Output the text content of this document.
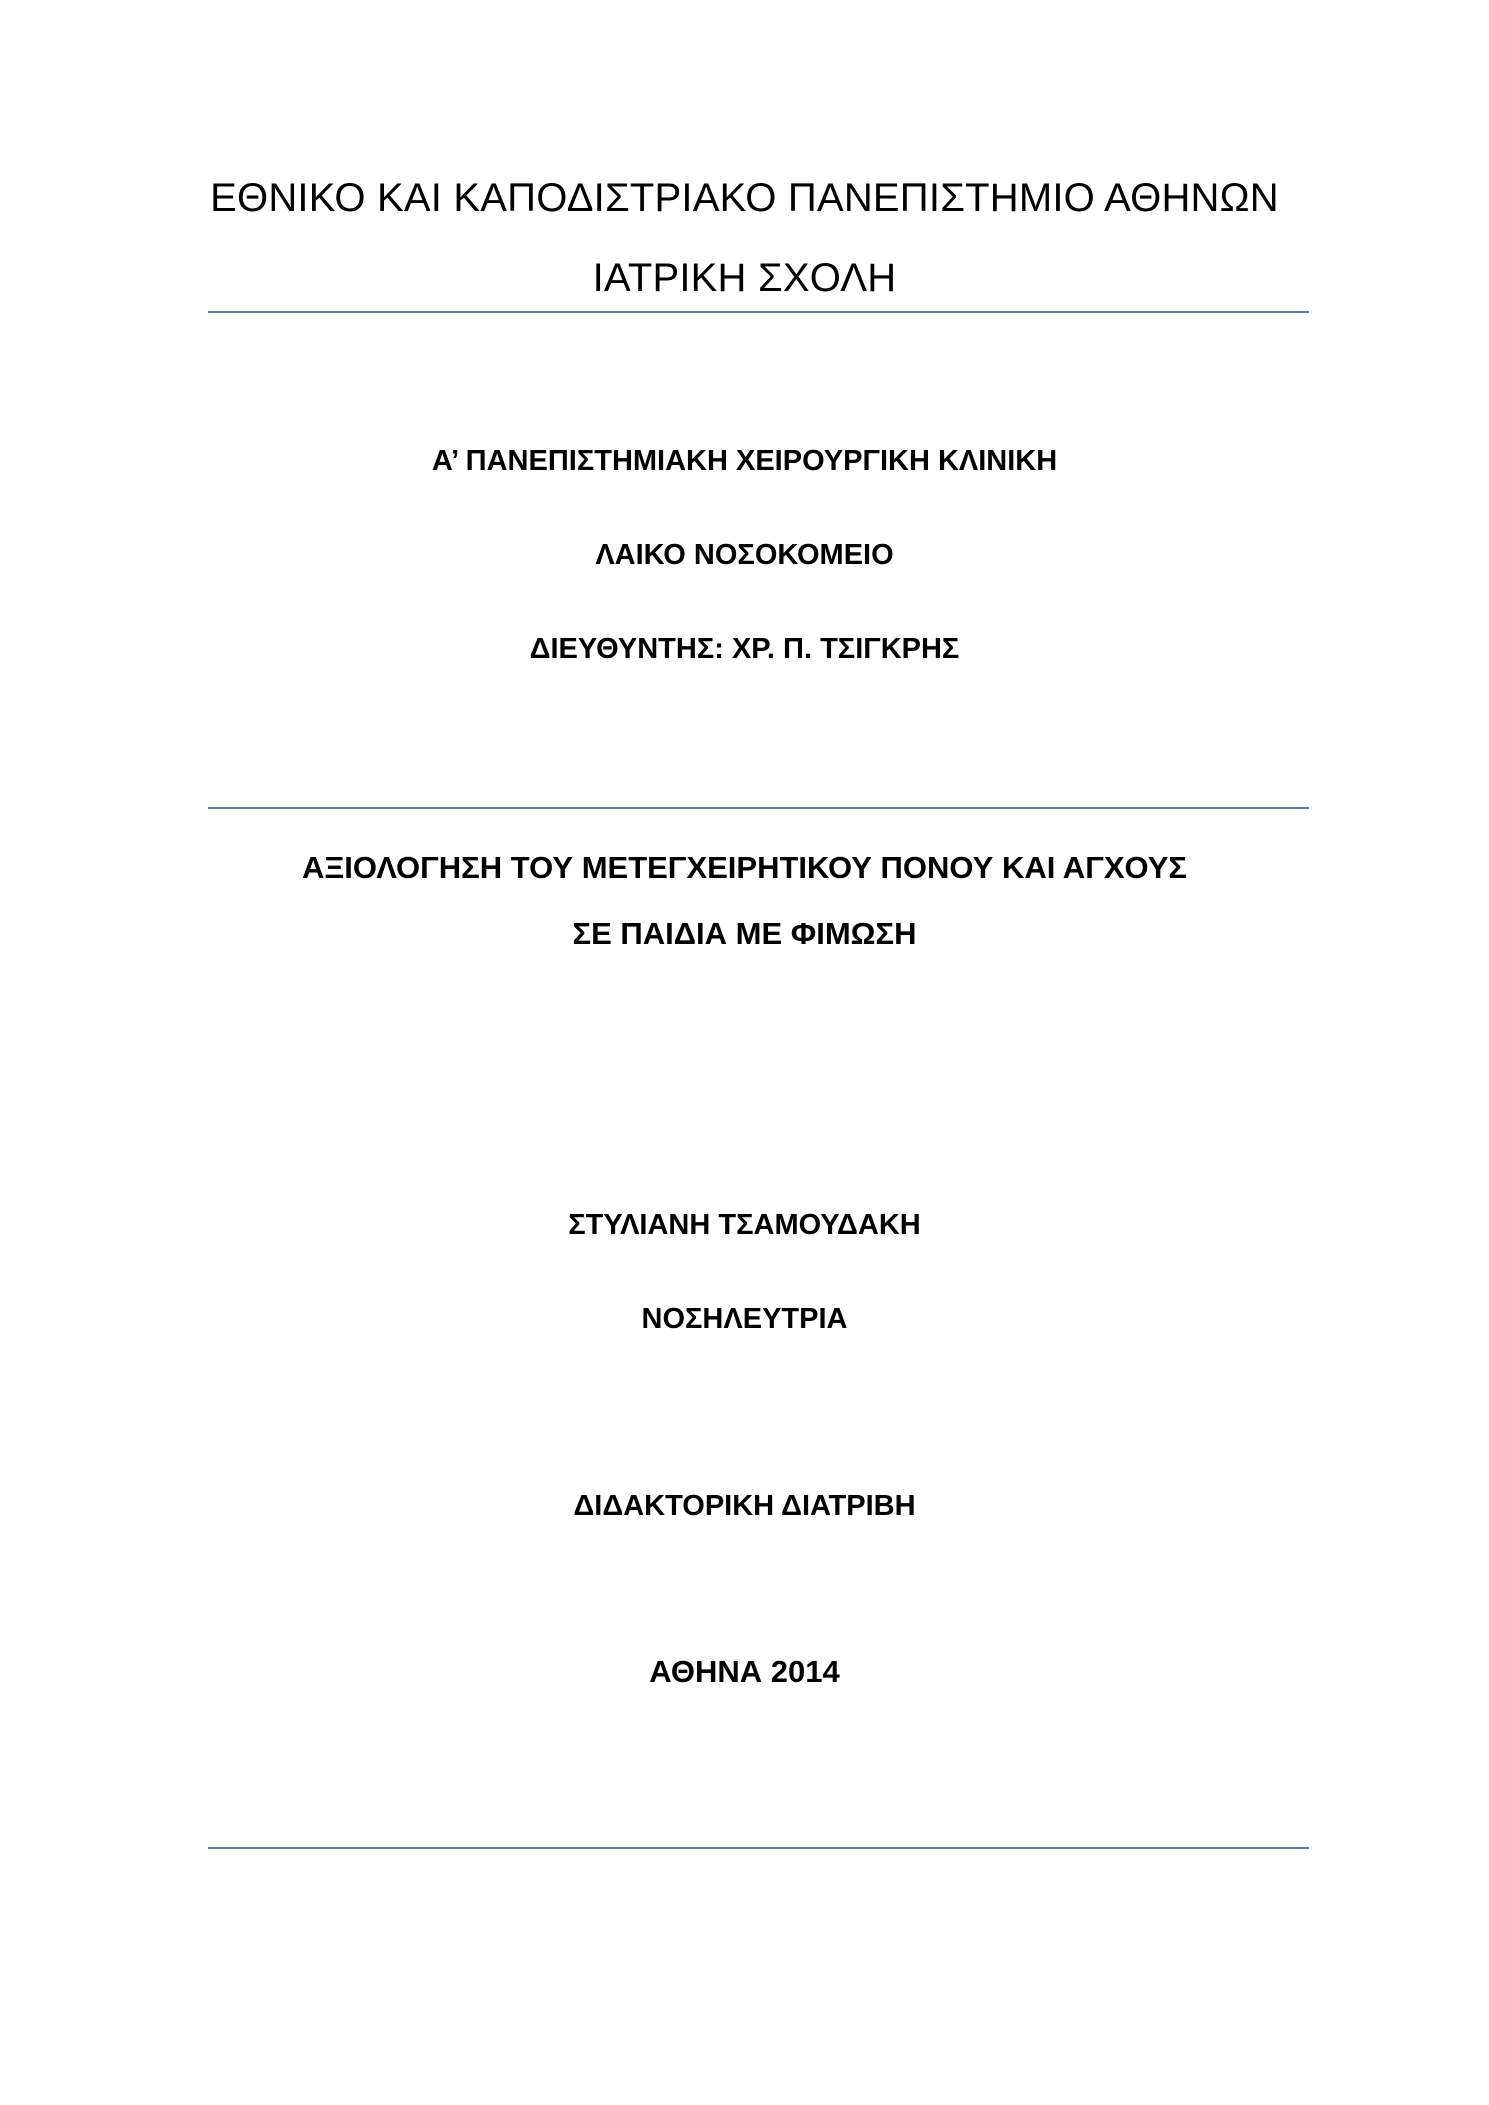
ΕΘΝΙΚΟ ΚΑΙ ΚΑΠΟΔΙΣΤΡΙΑΚΟ ΠΑΝΕΠΙΣΤΗΜΙΟ ΑΘΗΝΩΝ
ΙΑΤΡΙΚΗ ΣΧΟΛΗ
Α’ ΠΑΝΕΠΙΣΤΗΜΙΑΚΗ ΧΕΙΡΟΥΡΓΙΚΗ ΚΛΙΝΙΚΗ
ΛΑΙΚΟ ΝΟΣΟΚΟΜΕΙΟ
ΔΙΕΥΘΥΝΤΗΣ: ΧΡ. Π. ΤΣΙΓΚΡΗΣ
ΑΞΙΟΛΟΓΗΣΗ ΤΟΥ ΜΕΤΕΓΧΕΙΡΗΤΙΚΟΥ ΠΟΝΟΥ ΚΑΙ ΑΓΧΟΥΣ
ΣΕ ΠΑΙΔΙΑ ΜΕ ΦΙΜΩΣΗ
ΣΤΥΛΙΑΝΗ ΤΣΑΜΟΥΔΑΚΗ
ΝΟΣΗΛΕΥΤΡΙΑ
ΔΙΔΑΚΤΟΡΙΚΗ ΔΙΑΤΡΙΒΗ
ΑΘΗΝΑ 2014
